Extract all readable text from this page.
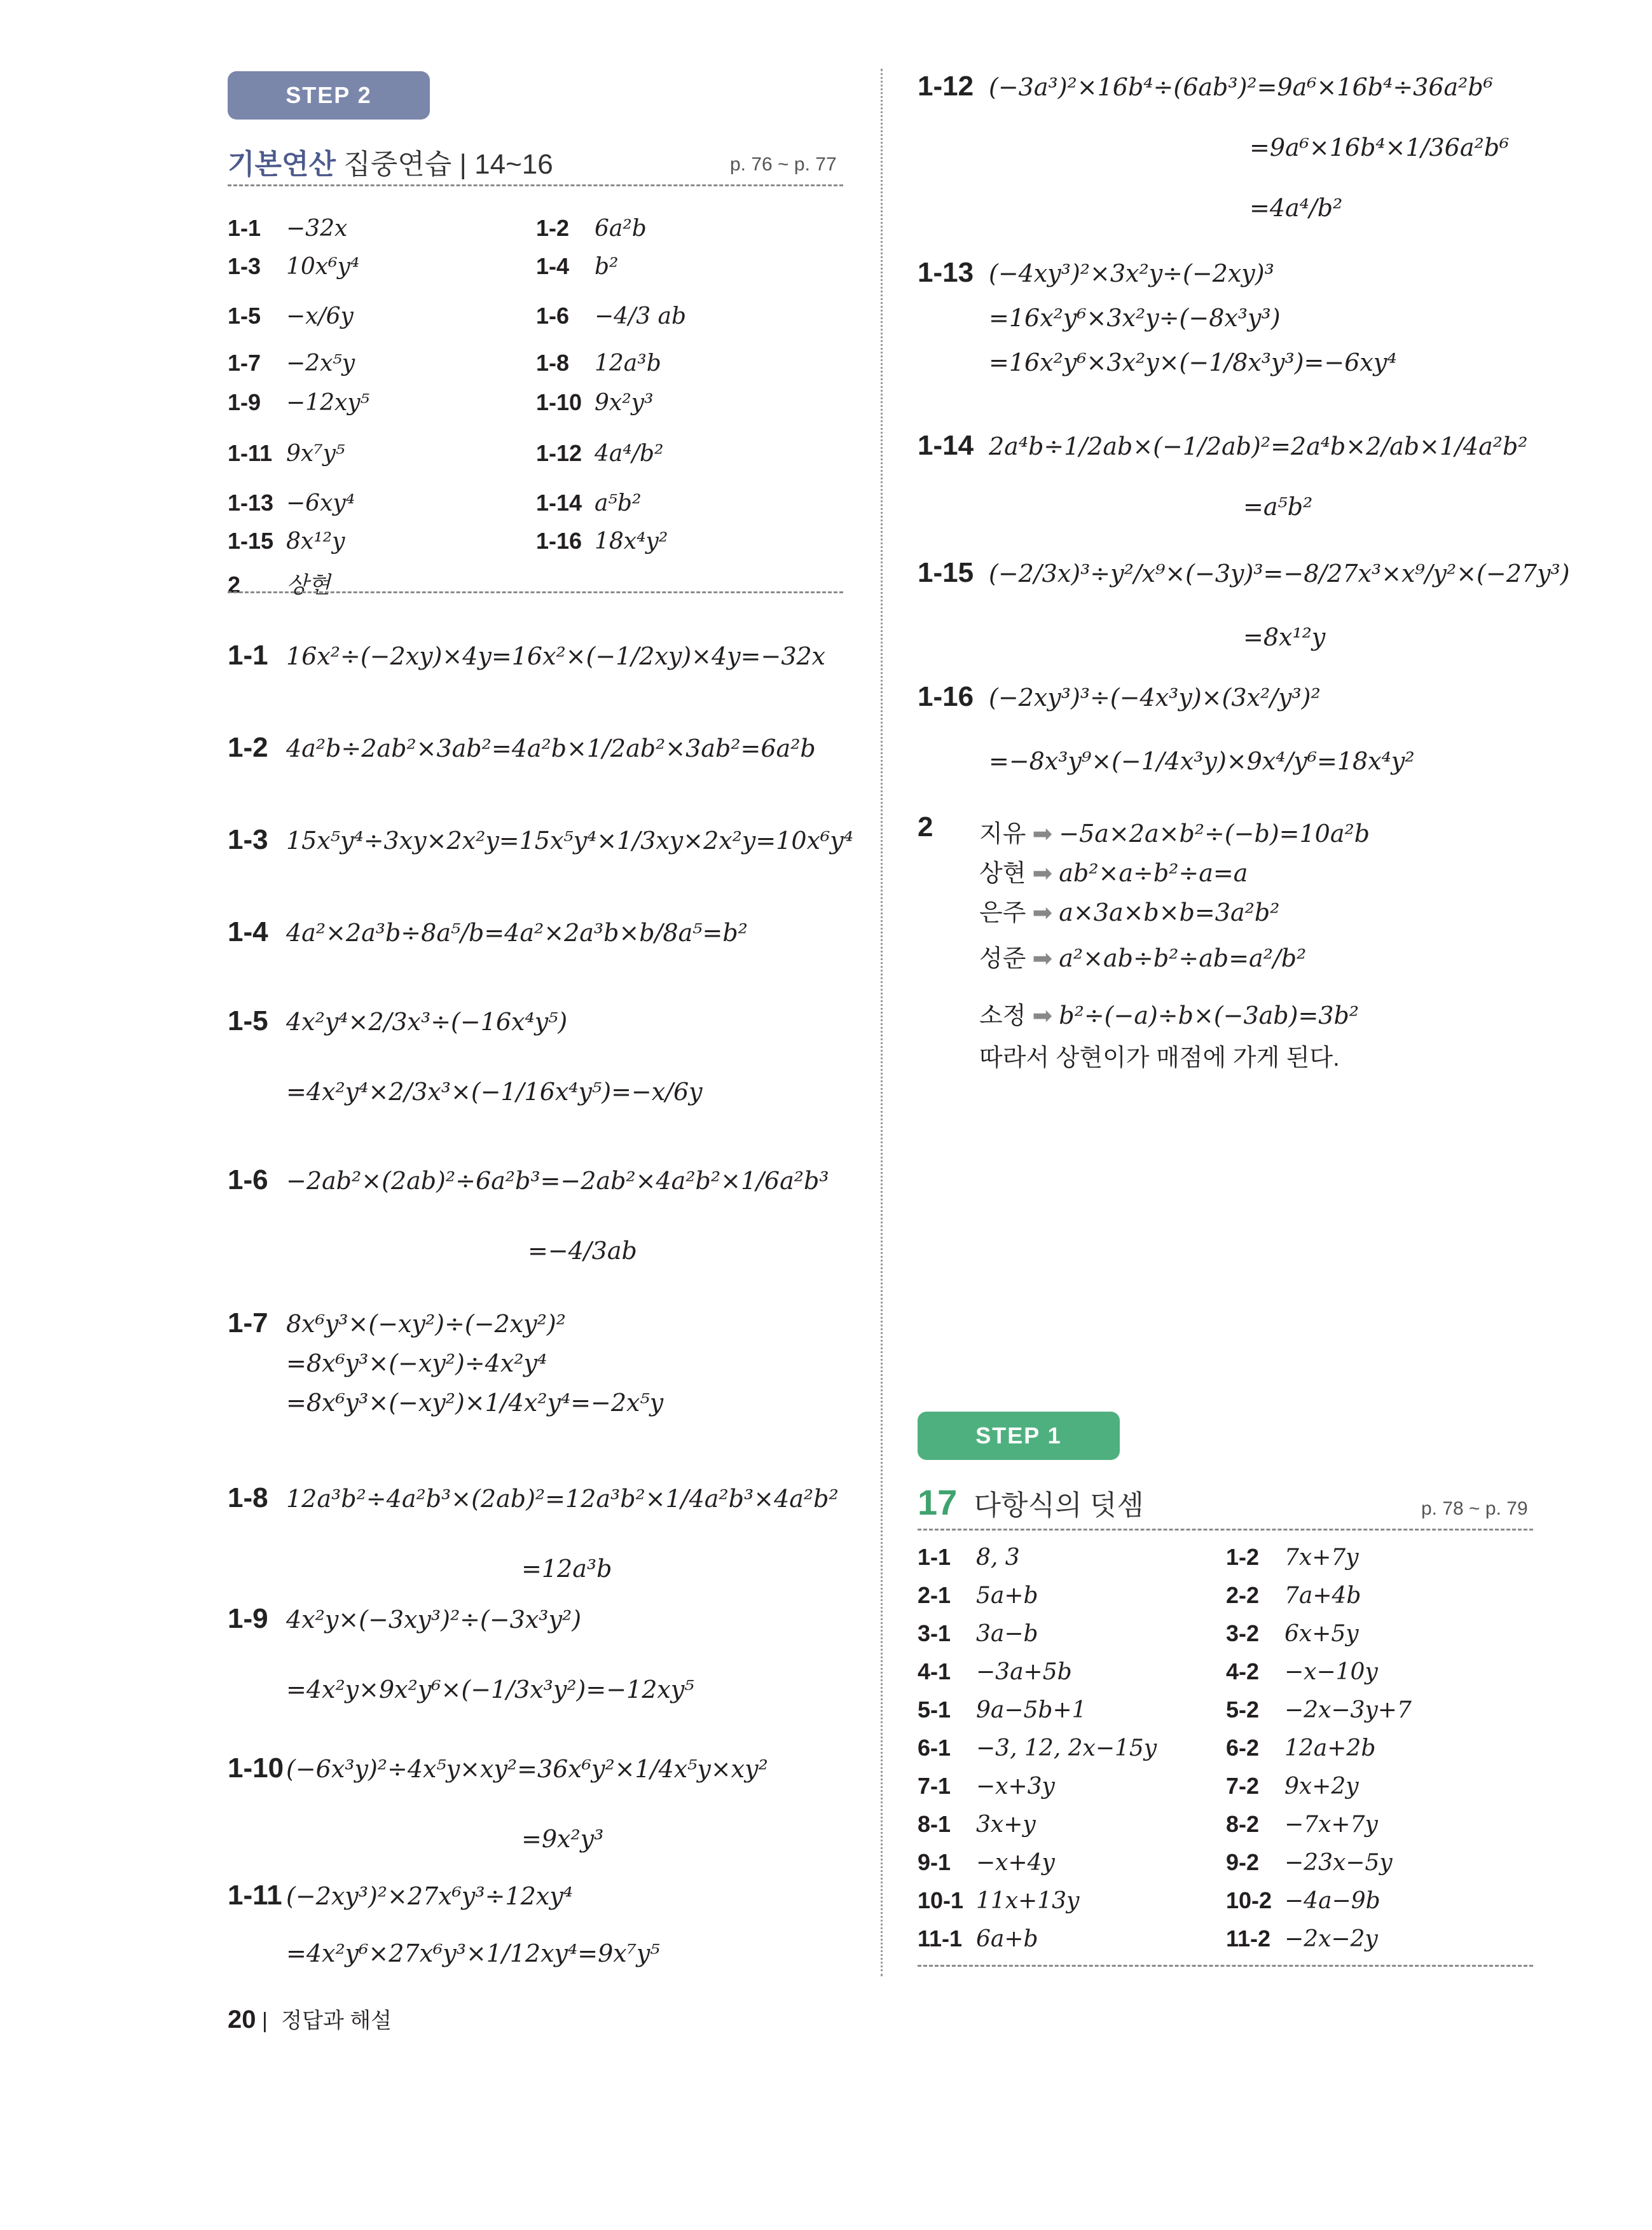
STEP 2
기본연산 집중연습 | 14~16	p. 76 ~ p. 77
1-1 −32x	1-2 6a²b
1-3 10x⁶y⁴	1-4 b²
1-5 −x/6y	1-6 −4/3 ab
1-7 −2x⁵y	1-8 12a³b
1-9 −12xy⁵	1-10 9x²y³
1-11 9x⁷y⁵	1-12 4a⁴/b²
1-13 −6xy⁴	1-14 a⁵b²
1-15 8x¹²y	1-16 18x⁴y²
2 상현
1-1 16x²÷(−2xy)×4y=16x²×(−1/2xy)×4y=−32x
1-2 4a²b÷2ab²×3ab²=4a²b×1/2ab²×3ab²=6a²b
1-3 15x⁵y⁴÷3xy×2x²y=15x⁵y⁴×1/3xy×2x²y=10x⁶y⁴
1-4 4a²×2a³b÷8a⁵/b=4a²×2a³b×b/8a⁵=b²
1-5 4x²y⁴×2/3x³÷(−16x⁴y⁵)
=4x²y⁴×2/3x³×(−1/16x⁴y⁵)=−x/6y
1-6 −2ab²×(2ab)²÷6a²b³=−2ab²×4a²b²×1/6a²b³
=−4/3ab
1-7 8x⁶y³×(−xy²)÷(−2xy²)²
=8x⁶y³×(−xy²)÷4x²y⁴
=8x⁶y³×(−xy²)×1/4x²y⁴=−2x⁵y
1-8 12a³b²÷4a²b³×(2ab)²=12a³b²×1/4a²b³×4a²b²
=12a³b
1-9 4x²y×(−3xy³)²÷(−3x³y²)
=4x²y×9x²y⁶×(−1/3x³y²)=−12xy⁵
1-10 (−6x³y)²÷4x⁵y×xy²=36x⁶y²×1/4x⁵y×xy²
=9x²y³
1-11 (−2xy³)²×27x⁶y³÷12xy⁴
=4x²y⁶×27x⁶y³×1/12xy⁴=9x⁷y⁵
1-12 (−3a³)²×16b⁴÷(6ab³)²=9a⁶×16b⁴÷36a²b⁶
=9a⁶×16b⁴×1/36a²b⁶
=4a⁴/b²
1-13 (−4xy³)²×3x²y÷(−2xy)³
=16x²y⁶×3x²y÷(−8x³y³)
=16x²y⁶×3x²y×(−1/8x³y³)=−6xy⁴
1-14 2a⁴b÷1/2ab×(−1/2ab)²=2a⁴b×2/ab×1/4a²b²
=a⁵b²
1-15 (−2/3x)³÷y²/x⁹×(−3y)³=−8/27x³×x⁹/y²×(−27y³)
=8x¹²y
1-16 (−2xy³)³÷(−4x³y)×(3x²/y³)²
=−8x³y⁹×(−1/4x³y)×9x⁴/y⁶=18x⁴y²
2 지유 ➡ −5a×2a×b²÷(−b)=10a²b
상현 ➡ ab²×a÷b²÷a=a
은주 ➡ a×3a×b×b=3a²b²
성준 ➡ a²×ab÷b²÷ab=a²/b²
소정 ➡ b²÷(−a)÷b×(−3ab)=3b²
따라서 상현이가 매점에 가게 된다.
STEP 1
17 다항식의 덧셈	p. 78 ~ p. 79
1-1 8, 3	1-2 7x+7y
2-1 5a+b	2-2 7a+4b
3-1 3a−b	3-2 6x+5y
4-1 −3a+5b	4-2 −x−10y
5-1 9a−5b+1	5-2 −2x−3y+7
6-1 −3, 12, 2x−15y	6-2 12a+2b
7-1 −x+3y	7-2 9x+2y
8-1 3x+y	8-2 −7x+7y
9-1 −x+4y	9-2 −23x−5y
10-1 11x+13y	10-2 −4a−9b
11-1 6a+b	11-2 −2x−2y
20 | 정답과 해설
